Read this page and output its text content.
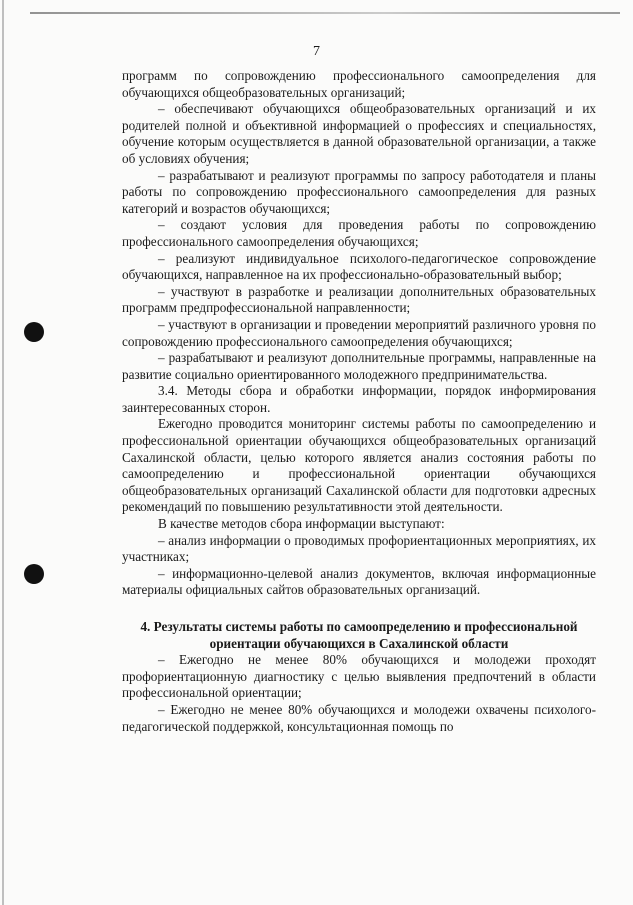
7

программ по сопровождению профессионального самоопределения для обучающихся общеобразовательных организаций;

– обеспечивают обучающихся общеобразовательных организаций и их родителей полной и объективной информацией о профессиях и специальностях, обучение которым осуществляется в данной образовательной организации, а также об условиях обучения;

– разрабатывают и реализуют программы по запросу работодателя и планы работы по сопровождению профессионального самоопределения для разных категорий и возрастов обучающихся;

– создают условия для проведения работы по сопровождению профессионального самоопределения обучающихся;

– реализуют индивидуальное психолого-педагогическое сопровождение обучающихся, направленное на их профессионально-образовательный выбор;

– участвуют в разработке и реализации дополнительных образовательных программ предпрофессиональной направленности;

– участвуют в организации и проведении мероприятий различного уровня по сопровождению профессионального самоопределения обучающихся;

– разрабатывают и реализуют дополнительные программы, направленные на развитие социально ориентированного молодежного предпринимательства.

3.4. Методы сбора и обработки информации, порядок информирования заинтересованных сторон.

Ежегодно проводится мониторинг системы работы по самоопределению и профессиональной ориентации обучающихся общеобразовательных организаций Сахалинской области, целью которого является анализ состояния работы по самоопределению и профессиональной ориентации обучающихся общеобразовательных организаций Сахалинской области для подготовки адресных рекомендаций по повышению результативности этой деятельности.

В качестве методов сбора информации выступают:

– анализ информации о проводимых профориентационных мероприятиях, их участниках;

– информационно-целевой анализ документов, включая информационные материалы официальных сайтов образовательных организаций.

4. Результаты системы работы по самоопределению и профессиональной ориентации обучающихся в Сахалинской области

– Ежегодно не менее 80% обучающихся и молодежи проходят профориентационную диагностику с целью выявления предпочтений в области профессиональной ориентации;

– Ежегодно не менее 80% обучающихся и молодежи охвачены психолого-педагогической поддержкой, консультационная помощь по
